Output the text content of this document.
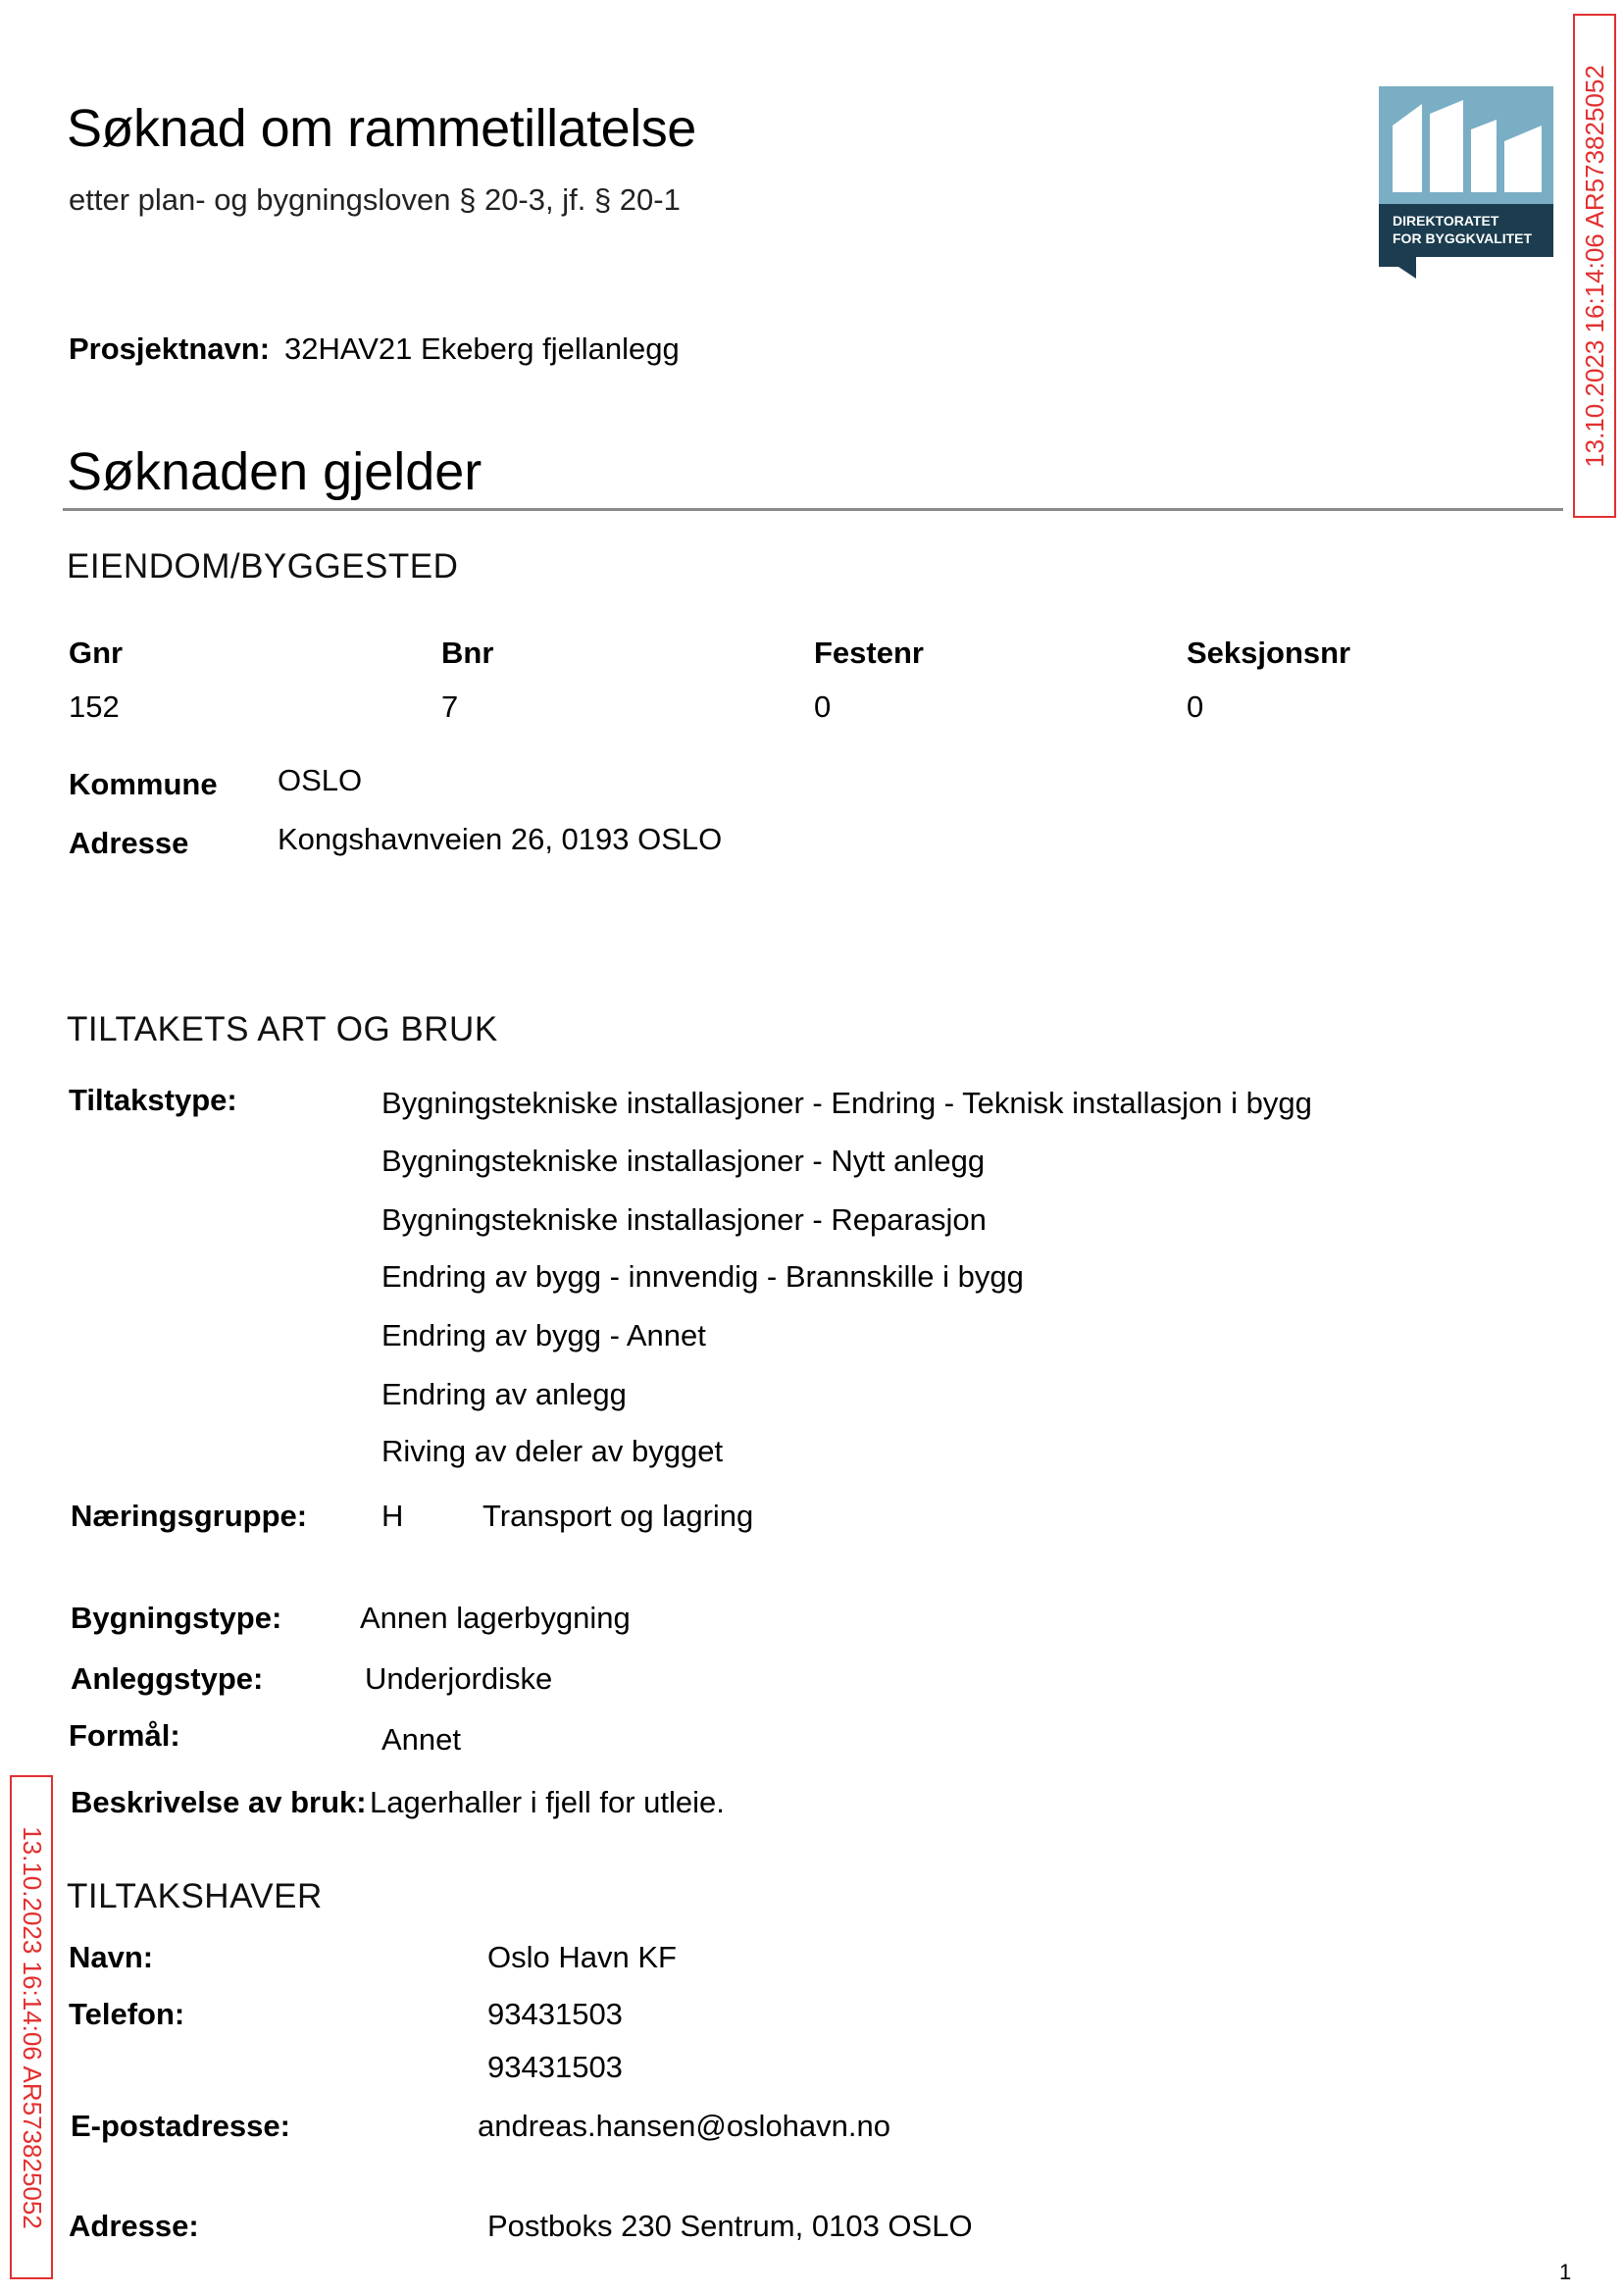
Søknad om rammetillatelse
etter plan- og bygningsloven § 20-3, jf. § 20-1
DIREKTORATET
FOR BYGGKVALITET 13.10.2023 16:14:06 AR573825052
Prosjektnavn: 32HAV21 Ekeberg fjellanlegg
Søknaden gjelder
EIENDOM/BYGGESTED
Gnr	Bnr	Festenr	Seksjonsnr
152	7	0	0
Kommune OSLO
Adresse	Kongshavnveien 26, 0193 OSLO
TILTAKETS ART OG BRUK
Tiltakstype:	Bygningstekniske installasjoner - Endring - Teknisk installasjon i bygg
Bygningstekniske installasjoner - Nytt anlegg
Bygningstekniske installasjoner - Reparasjon
Endring av bygg - innvendig - Brannskille i bygg
Endring av bygg - Annet
Endring av anlegg
Riving av deler av bygget
Næringsgruppe: H	Transport og lagring
Bygningstype:	Annen lagerbygning
Anleggstype:	Underjordiske
Formål:	Annet
Beskrivelse av bruk: Lagerhaller i fjell for utleie.
13.10.2023 16:14:06 AR573825052 TILTAKSHAVER
Navn:	Oslo Havn KF
Telefon:	93431503
93431503
E-postadresse:	andreas.hansen@oslohavn.no
Adresse:	Postboks 230 Sentrum, 0103 OSLO
1
